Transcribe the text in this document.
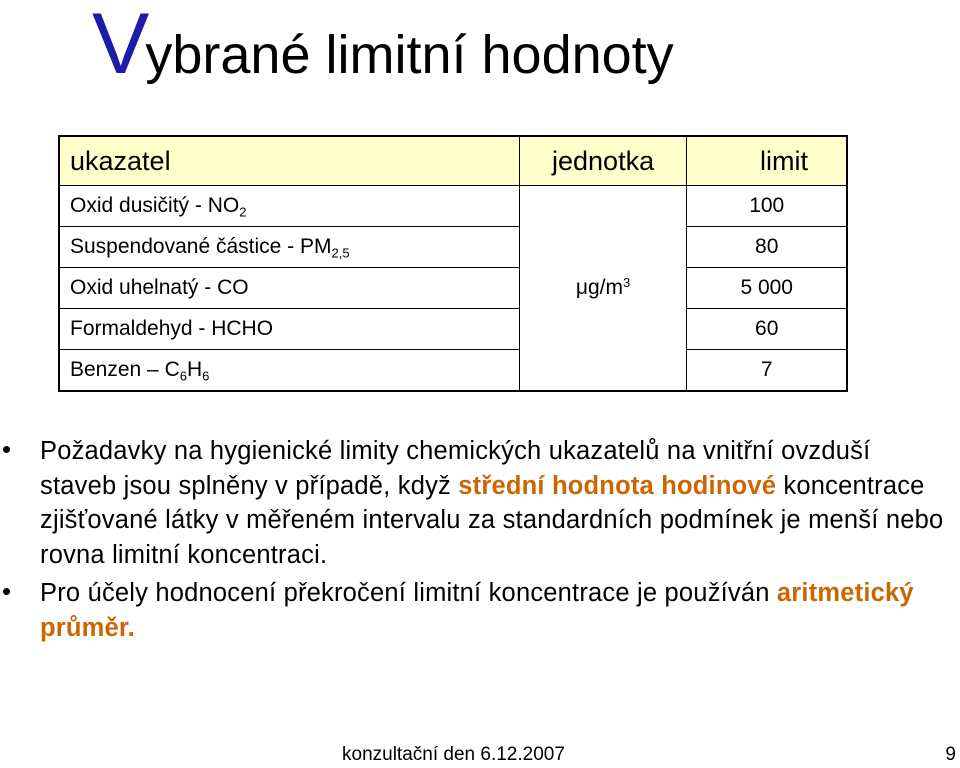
Vybrané limitní hodnoty
ukazatel	jednotka	limit
Oxid dusičitý - $NO_2$	$\mu g/m^3$	100
Suspendované částice - $PM_{2,5}$		80
Oxid uhelnatý - CO		5 000
Formaldehyd - HCHO		60
Benzen – $C_6H_6$		7

Požadavky na hygienické limity chemických ukazatelů na vnitřní ovzduší staveb jsou splněny v případě, když střední hodnota hodinové koncentrace zjišťované látky v měřeném intervalu za standardních podmínek je menší nebo rovna limitní koncentraci.

Pro účely hodnocení překročení limitní koncentrace je používán aritmetický průměr.

konzultační den 6.12.2007	9
